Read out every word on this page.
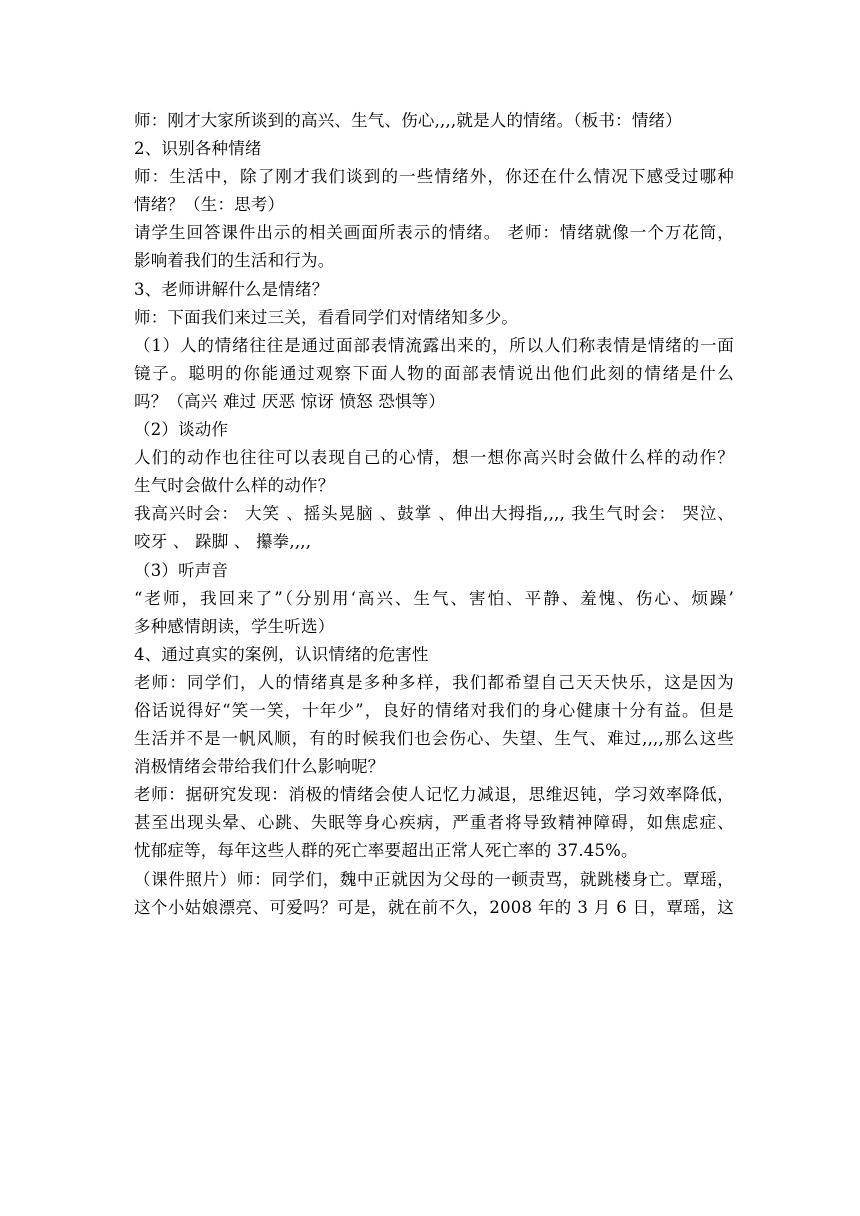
师：刚才大家所谈到的高兴、生气、伤心,,,,就是人的情绪。（板书：情绪）
2、识别各种情绪
师：生活中，除了刚才我们谈到的一些情绪外，你还在什么情况下感受过哪种
情绪？（生：思考）
请学生回答课件出示的相关画面所表示的情绪。 老师：情绪就像一个万花筒，
影响着我们的生活和行为。
3、老师讲解什么是情绪？
师：下面我们来过三关，看看同学们对情绪知多少。
（1）人的情绪往往是通过面部表情流露出来的，所以人们称表情是情绪的一面
镜子。聪明的你能通过观察下面人物的面部表情说出他们此刻的情绪是什么
吗？（高兴 难过 厌恶 惊讶 愤怒 恐惧等）
（2）谈动作
人们的动作也往往可以表现自己的心情，想一想你高兴时会做什么样的动作？
生气时会做什么样的动作？
我高兴时会： 大笑 、摇头晃脑 、鼓掌 、伸出大拇指,,,, 我生气时会： 哭泣、
咬牙 、 跺脚 、 攥拳,,,,
（3）听声音
“老师，我回来了”（分别用‘高兴、生气、害怕、平静、羞愧、伤心、烦躁’
多种感情朗读，学生听选）
4、通过真实的案例，认识情绪的危害性
老师：同学们，人的情绪真是多种多样，我们都希望自己天天快乐，这是因为
俗话说得好“笑一笑，十年少”，良好的情绪对我们的身心健康十分有益。但是
生活并不是一帆风顺，有的时候我们也会伤心、失望、生气、难过,,,,那么这些
消极情绪会带给我们什么影响呢？
老师：据研究发现：消极的情绪会使人记忆力减退，思维迟钝，学习效率降低，
甚至出现头晕、心跳、失眠等身心疾病，严重者将导致精神障碍，如焦虑症、
忧郁症等，每年这些人群的死亡率要超出正常人死亡率的 37.45%。
（课件照片）师：同学们，魏中正就因为父母的一顿责骂，就跳楼身亡。覃瑶，
这个小姑娘漂亮、可爱吗？可是，就在前不久，2008 年的 3 月 6 日，覃瑶，这
